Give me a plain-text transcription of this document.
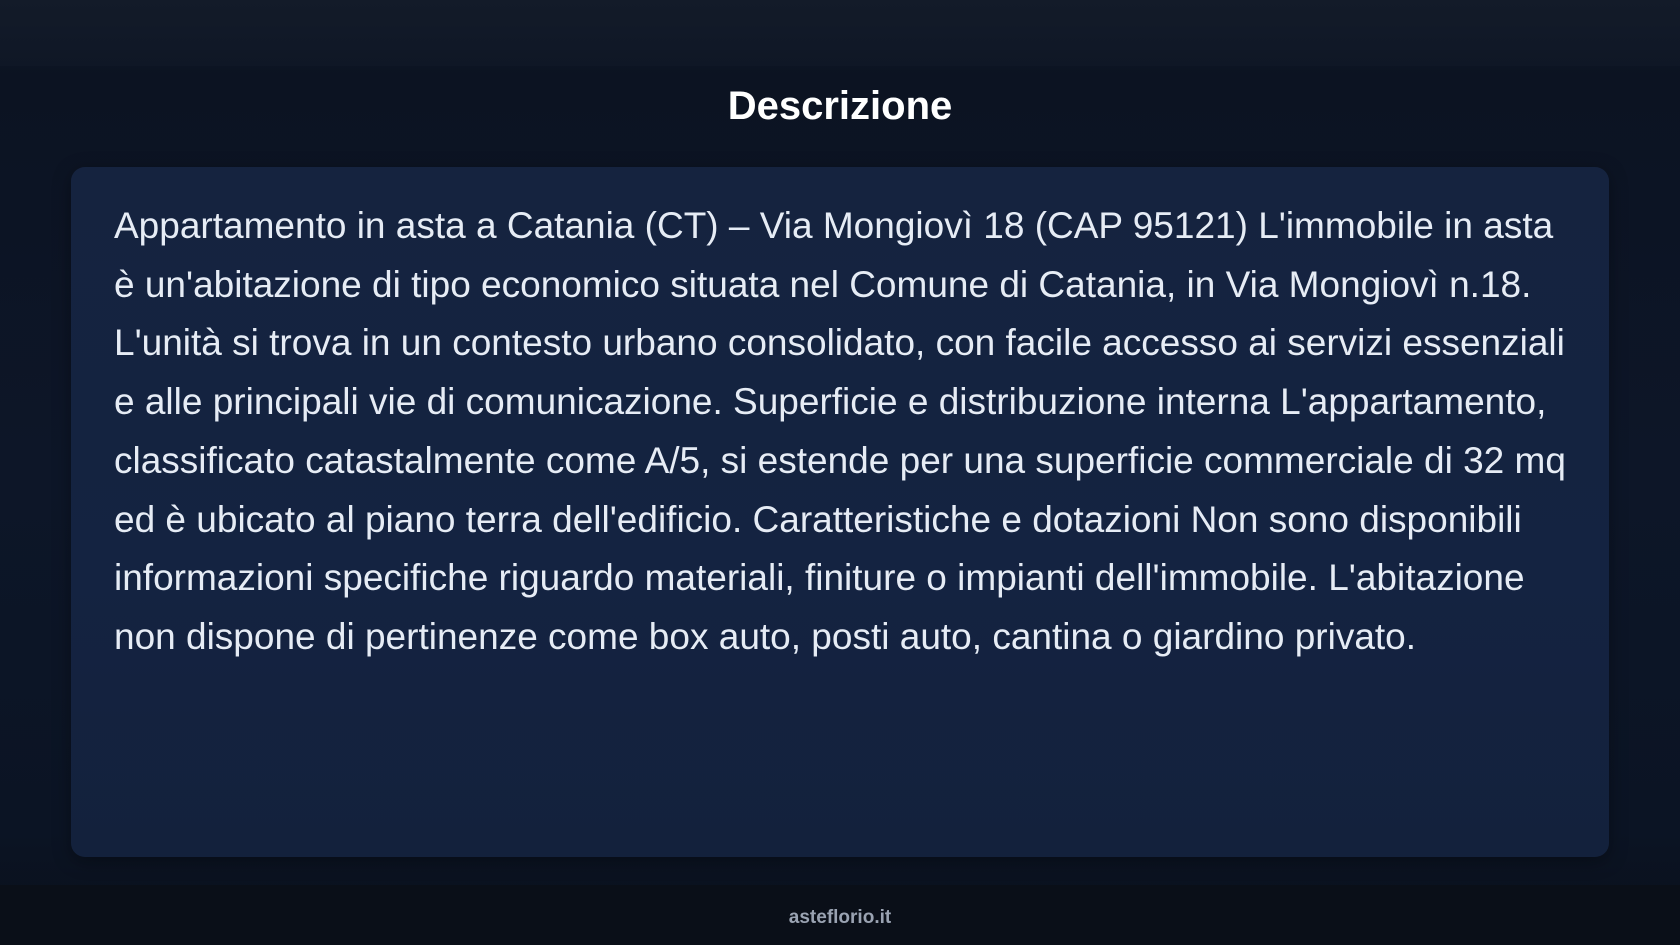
Descrizione

Appartamento in asta a Catania (CT) – Via Mongiovì 18 (CAP 95121) L'immobile in asta è un'abitazione di tipo economico situata nel Comune di Catania, in Via Mongiovì n.18. L'unità si trova in un contesto urbano consolidato, con facile accesso ai servizi essenziali e alle principali vie di comunicazione. Superficie e distribuzione interna L'appartamento, classificato catastalmente come A/5, si estende per una superficie commerciale di 32 mq ed è ubicato al piano terra dell'edificio. Caratteristiche e dotazioni Non sono disponibili informazioni specifiche riguardo materiali, finiture o impianti dell'immobile. L'abitazione non dispone di pertinenze come box auto, posti auto, cantina o giardino privato.

asteflorio.it
